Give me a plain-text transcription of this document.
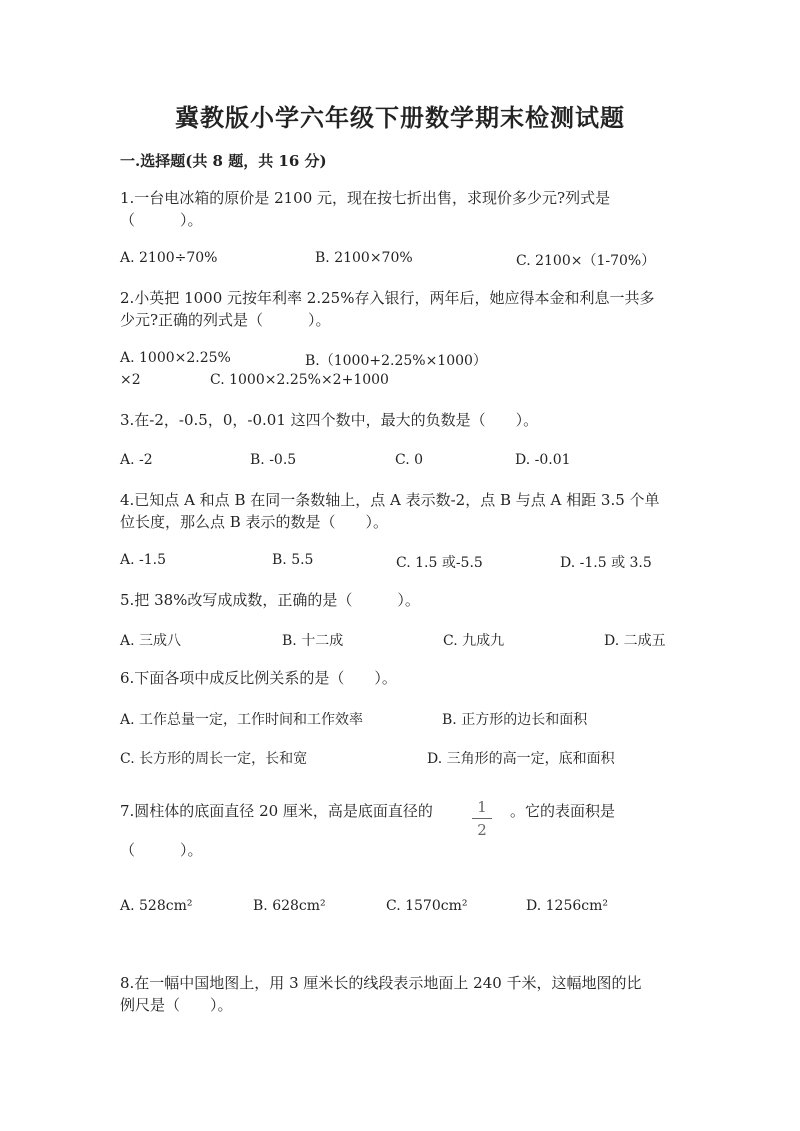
冀教版小学六年级下册数学期末检测试题
一.选择题(共 8 题，共 16 分)
1.一台电冰箱的原价是 2100 元，现在按七折出售，求现价多少元?列式是
（　　　）。
A. 2100÷70%	B. 2100×70%	C. 2100×（1-70%）
2.小英把 1000 元按年利率 2.25%存入银行，两年后，她应得本金和利息一共多
少元?正确的列式是（　　　）。
A. 1000×2.25%	B.（1000+2.25%×1000）
×2	C. 1000×2.25%×2+1000
3.在-2，-0.5，0，-0.01 这四个数中，最大的负数是（　　）。
A. -2	B. -0.5	C. 0	D. -0.01
4.已知点 A 和点 B 在同一条数轴上，点 A 表示数-2，点 B 与点 A 相距 3.5 个单
位长度，那么点 B 表示的数是（　　）。
A. -1.5	B. 5.5	C. 1.5 或-5.5	D. -1.5 或 3.5
5.把 38%改写成成数，正确的是（　　　）。
A. 三成八	B. 十二成	C. 九成九	D. 二成五
6.下面各项中成反比例关系的是（　　）。
A. 工作总量一定，工作时间和工作效率	B. 正方形的边长和面积
C. 长方形的周长一定，长和宽	D. 三角形的高一定，底和面积
7.圆柱体的底面直径 20 厘米，高是底面直径的	1
2
。它的表面积是
（　　　）。
A. 528cm²	B. 628cm²	C. 1570cm²	D. 1256cm²
8.在一幅中国地图上，用 3 厘米长的线段表示地面上 240 千米，这幅地图的比
例尺是（　　）。
